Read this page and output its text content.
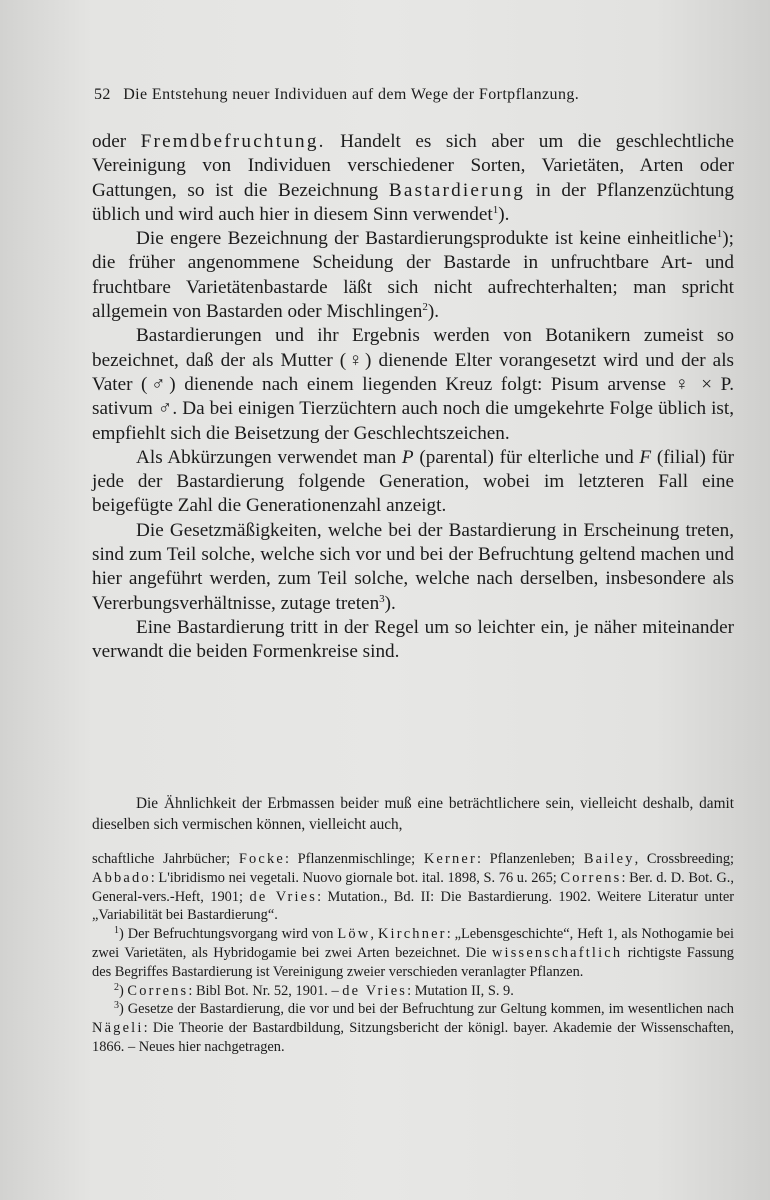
52 Die Entstehung neuer Individuen auf dem Wege der Fortpflanzung.

oder Fremdbefruchtung. Handelt es sich aber um die geschlechtliche Vereinigung von Individuen verschiedener Sorten, Varietäten, Arten oder Gattungen, so ist die Bezeichnung Bastardierung in der Pflanzenzüchtung üblich und wird auch hier in diesem Sinn verwendet$^1$).

Die engere Bezeichnung der Bastardierungsprodukte ist keine einheitliche$^1$); die früher angenommene Scheidung der Bastarde in unfruchtbare Art- und fruchtbare Varietätenbastarde läßt sich nicht aufrechterhalten; man spricht allgemein von Bastarden oder Mischlingen$^2$).

Bastardierungen und ihr Ergebnis werden von Botanikern zumeist so bezeichnet, daß der als Mutter (♀) dienende Elter vorangesetzt wird und der als Vater (♂) dienende nach einem liegenden Kreuz folgt: Pisum arvense ♀ × P. sativum ♂. Da bei einigen Tierzüchtern auch noch die umgekehrte Folge üblich ist, empfiehlt sich die Beisetzung der Geschlechtszeichen.

Als Abkürzungen verwendet man P (parental) für elterliche und F (filial) für jede der Bastardierung folgende Generation, wobei im letzteren Fall eine beigefügte Zahl die Generationenzahl anzeigt.

Die Gesetzmäßigkeiten, welche bei der Bastardierung in Erscheinung treten, sind zum Teil solche, welche sich vor und bei der Befruchtung geltend machen und hier angeführt werden, zum Teil solche, welche nach derselben, insbesondere als Vererbungsverhältnisse, zutage treten$^3$).

Eine Bastardierung tritt in der Regel um so leichter ein, je näher miteinander verwandt die beiden Formenkreise sind.

Die Ähnlichkeit der Erbmassen beider muß eine beträchtlichere sein, vielleicht deshalb, damit dieselben sich vermischen können, vielleicht auch,

schaftliche Jahrbücher; Focke: Pflanzenmischlinge; Kerner: Pflanzenleben; Bailey, Crossbreeding; Abbado: L'ibridismo nei vegetali. Nuovo giornale bot. ital. 1898, S. 76 u. 265; Correns: Ber. d. D. Bot. G., General-vers.-Heft, 1901; de Vries: Mutation., Bd. II: Die Bastardierung. 1902. Weitere Literatur unter „Variabilität bei Bastardierung“.

$^1$) Der Befruchtungsvorgang wird von Löw, Kirchner: „Lebensgeschichte“, Heft 1, als Nothogamie bei zwei Varietäten, als Hybridogamie bei zwei Arten bezeichnet. Die wissenschaftlich richtigste Fassung des Begriffes Bastardierung ist Vereinigung zweier verschieden veranlagter Pflanzen.

$^2$) Correns: Bibl Bot. Nr. 52, 1901. – de Vries: Mutation II, S. 9.

$^3$) Gesetze der Bastardierung, die vor und bei der Befruchtung zur Geltung kommen, im wesentlichen nach Nägeli: Die Theorie der Bastardbildung, Sitzungsbericht der königl. bayer. Akademie der Wissenschaften, 1866. – Neues hier nachgetragen.
